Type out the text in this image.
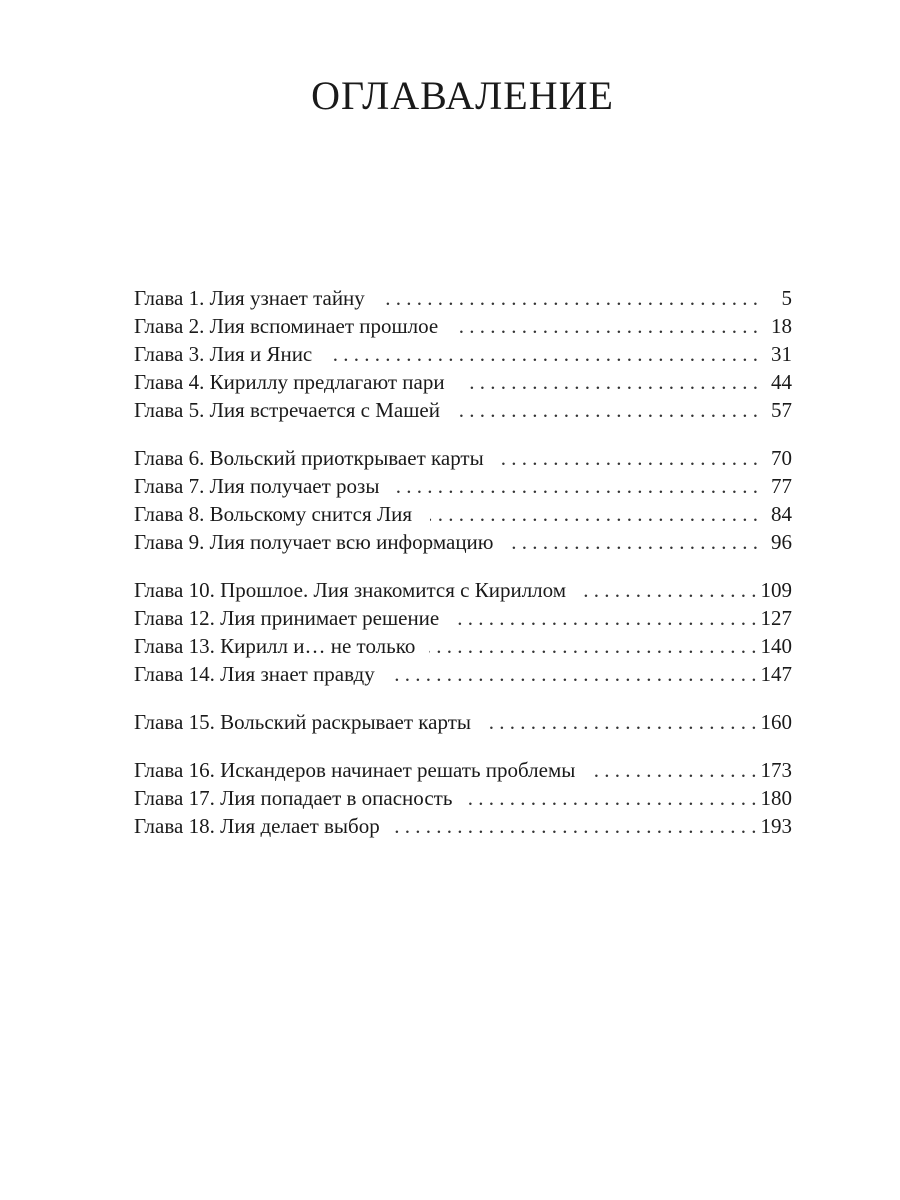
ОГЛАВАЛЕНИЕ
Глава 1. Лия узнает тайну . . .	5
Глава 2. Лия вспоминает прошлое . . .	18
Глава 3. Лия и Янис . . .	31
Глава 4. Кириллу предлагают пари . . .	44
Глава 5. Лия встречается с Машей . . .	57
Глава 6. Вольский приоткрывает карты . . .	70
Глава 7. Лия получает розы . . .	77
Глава 8. Вольскому снится Лия . . .	84
Глава 9. Лия получает всю информацию . . .	96
Глава 10. Прошлое. Лия знакомится с Кириллом . . .	109
Глава 12. Лия принимает решение . . .	127
Глава 13. Кирилл и… не только . . .	140
Глава 14. Лия знает правду . . .	147
Глава 15. Вольский раскрывает карты . . .	160
Глава 16. Искандеров начинает решать проблемы . . .	173
Глава 17. Лия попадает в опасность . . .	180
Глава 18. Лия делает выбор . . .	193
